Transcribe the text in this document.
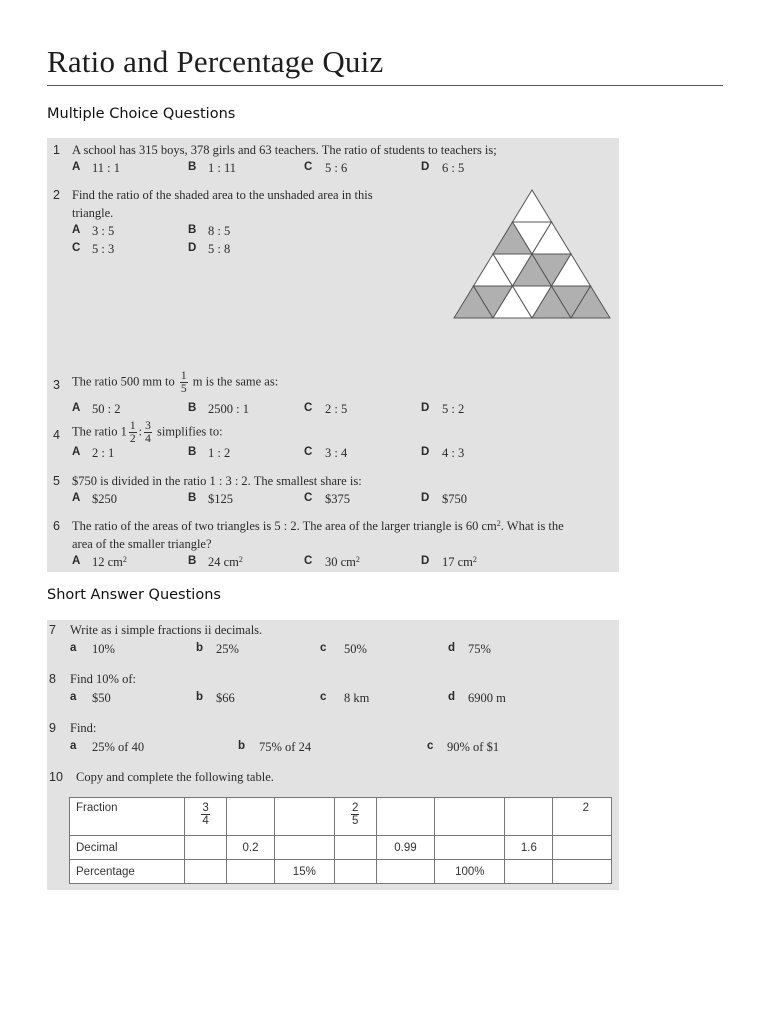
Ratio and Percentage Quiz
Multiple Choice Questions
1 A school has 315 boys, 378 girls and 63 teachers. The ratio of students to teachers is;
A 11 : 1	B 1 : 11	C 5 : 6	D 6 : 5
2 Find the ratio of the shaded area to the unshaded area in this
triangle.
A 3 : 5	B 8 : 5
C 5 : 3	D 5 : 8
3 The ratio 500 mm to $\frac{1}{5}$ m is the same as:
A 50 : 2	B 2500 : 1	C 2 : 5	D 5 : 2
4 The ratio $1 \frac{1}{2}$ : $\frac{3}{4}$ simplifies to:
A 2 : 1	B 1 : 2	C 3 : 4	D 4 : 3
5 $750 is divided in the ratio 1 : 3 : 2. The smallest share is:
A $250	B $125	C $375	D $750
6 The ratio of the areas of two triangles is 5 : 2. The area of the larger triangle is 60 $cm^2$. What is the
area of the smaller triangle?
A 12 $cm^2$	B 24 $cm^2$	C 30 $cm^2$	D 17 $cm^2$
Short Answer Questions
7 Write as i simple fractions ii decimals.
a 10%	b 25%	c 50%	d 75%
8 Find 10% of:
a $50	b $66	c 8 km	d 6900 m
9 Find:
a 25% of 40	b 75% of 24	c 90% of $1
10 Copy and complete the following table.
Fraction	$\frac{3}{4}$			$\frac{2}{5}$				2
Decimal		0.2			0.99		1.6	
Percentage			15%			100%		
